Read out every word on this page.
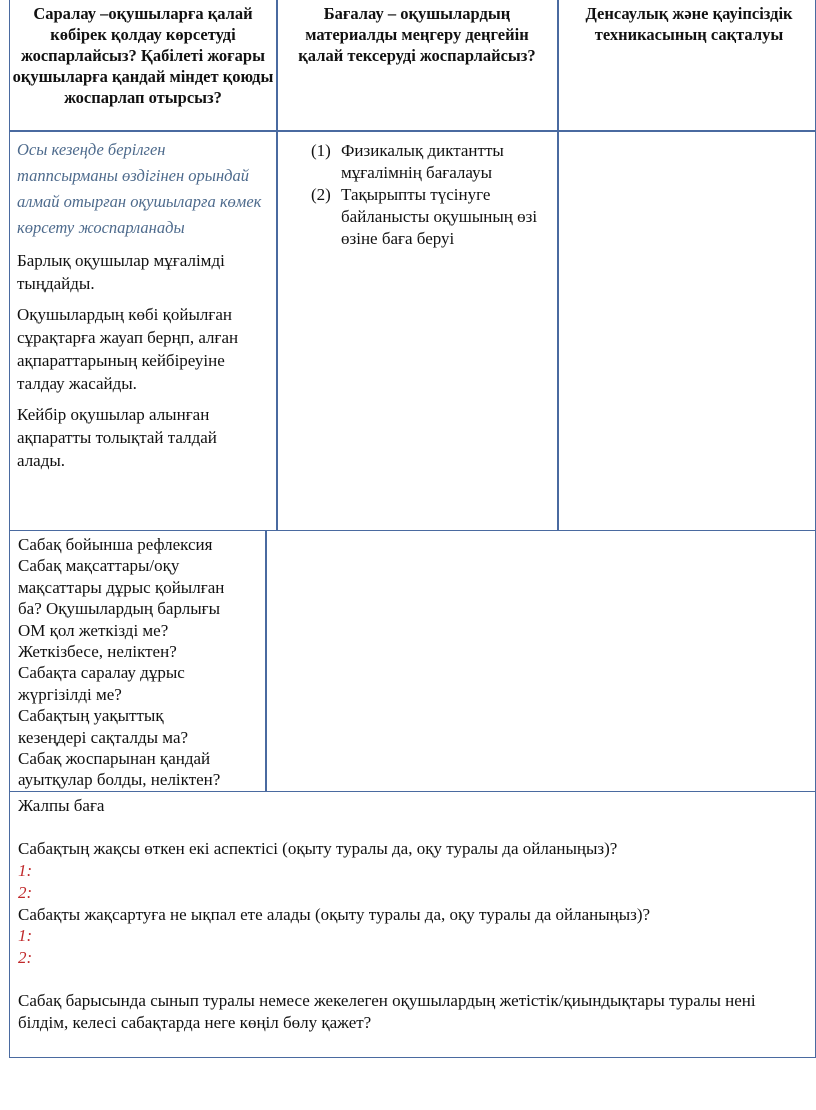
Саралау –оқушыларға қалай көбірек қолдау көрсетуді жоспарлайсыз? Қабілеті жоғары оқушыларға қандай міндет қоюды жоспарлап отырсыз?
Бағалау – оқушылардың материалды меңгеру деңгейін қалай тексеруді жоспарлайсыз?
Денсаулық және қауіпсіздік техникасының сақталуы
Осы кезеңде берілген таппсырманы өздігінен орындай алмай отырған оқушыларға көмек көрсету жоспарланады
Барлық оқушылар мұғалімді тыңдайды.
Оқушылардың көбі қойылған сұрақтарға жауап берңп, алған ақпараттарының кейбіреуіне талдау жасайды.
Кейбір оқушылар алынған ақпаратты толықтай талдай алады.
(1) Физикалық диктантты мұғалімнің бағалауы
(2) Тақырыпты түсінуге байланысты оқушының өзі өзіне баға беруі
Сабақ бойынша рефлексия
Сабақ мақсаттары/оқу
мақсаттары дұрыс қойылған
ба? Оқушылардың барлығы
ОМ қол жеткізді ме?
Жеткізбесе, неліктен?
Сабақта саралау дұрыс
жүргізілді ме?
Сабақтың уақыттық
кезеңдері сақталды ма?
Сабақ жоспарынан қандай
ауытқулар болды, неліктен?
Жалпы баға
Сабақтың жақсы өткен екі аспектісі (оқыту туралы да, оқу туралы да ойланыңыз)?
1:
2:
Сабақты жақсартуға не ықпал ете алады (оқыту туралы да, оқу туралы да ойланыңыз)?
1:
2:
Сабақ барысында сынып туралы немесе жекелеген оқушылардың жетістік/қиындықтары туралы нені білдім, келесі сабақтарда неге көңіл бөлу қажет?
